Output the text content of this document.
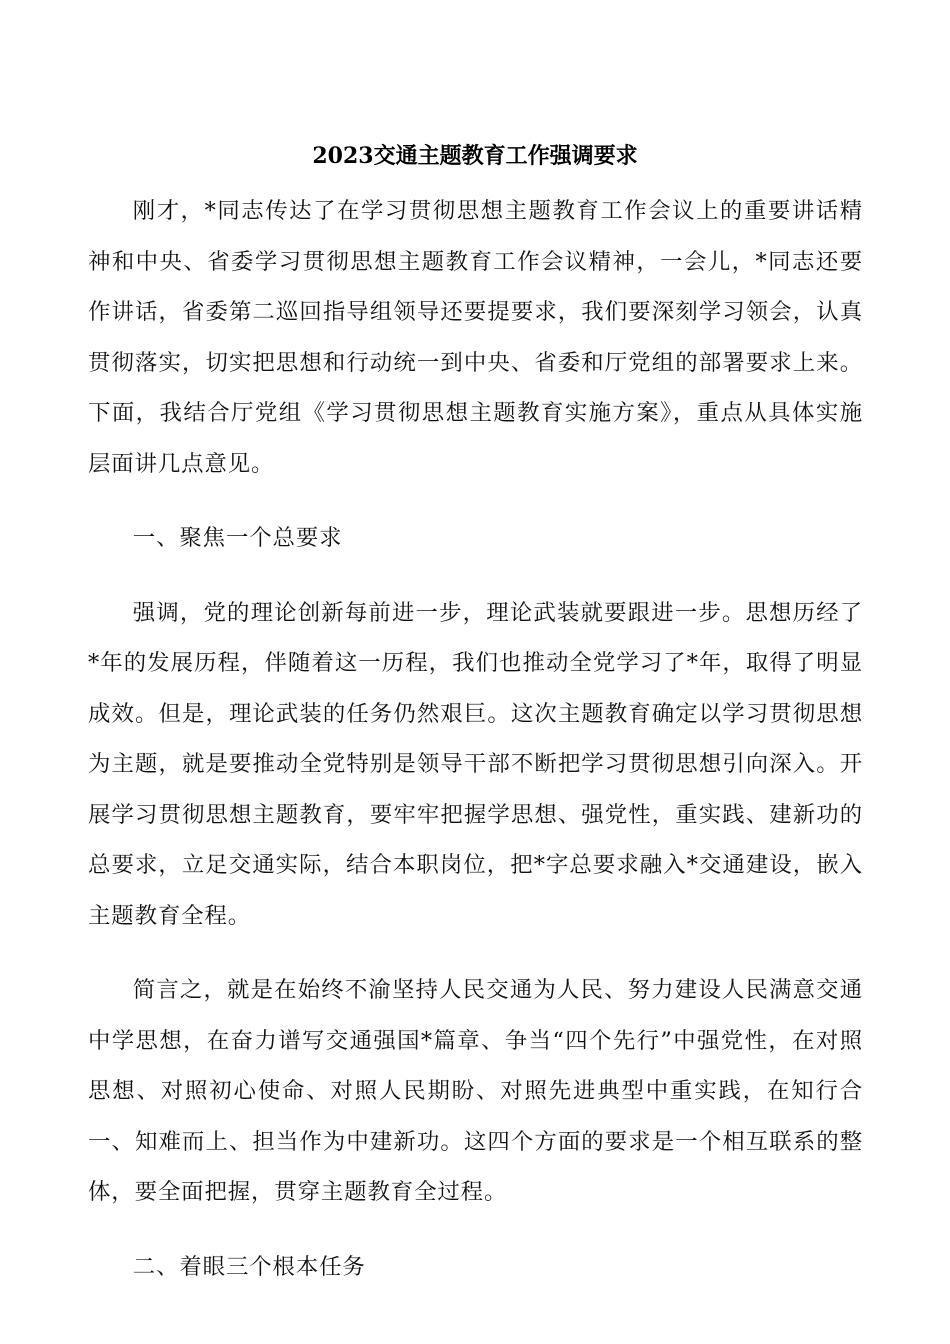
2023交通主题教育工作强调要求

刚才，*同志传达了在学习贯彻思想主题教育工作会议上的重要讲话精神和中央、省委学习贯彻思想主题教育工作会议精神，一会儿，*同志还要作讲话，省委第二巡回指导组领导还要提要求，我们要深刻学习领会，认真贯彻落实，切实把思想和行动统一到中央、省委和厅党组的部署要求上来。下面，我结合厅党组《学习贯彻思想主题教育实施方案》，重点从具体实施层面讲几点意见。

一、聚焦一个总要求

强调，党的理论创新每前进一步，理论武装就要跟进一步。思想历经了*年的发展历程，伴随着这一历程，我们也推动全党学习了*年，取得了明显成效。但是，理论武装的任务仍然艰巨。这次主题教育确定以学习贯彻思想为主题，就是要推动全党特别是领导干部不断把学习贯彻思想引向深入。开展学习贯彻思想主题教育，要牢牢把握学思想、强党性，重实践、建新功的总要求，立足交通实际，结合本职岗位，把*字总要求融入*交通建设，嵌入主题教育全程。

简言之，就是在始终不渝坚持人民交通为人民、努力建设人民满意交通中学思想，在奋力谱写交通强国*篇章、争当“四个先行”中强党性，在对照思想、对照初心使命、对照人民期盼、对照先进典型中重实践，在知行合一、知难而上、担当作为中建新功。这四个方面的要求是一个相互联系的整体，要全面把握，贯穿主题教育全过程。

二、着眼三个根本任务
